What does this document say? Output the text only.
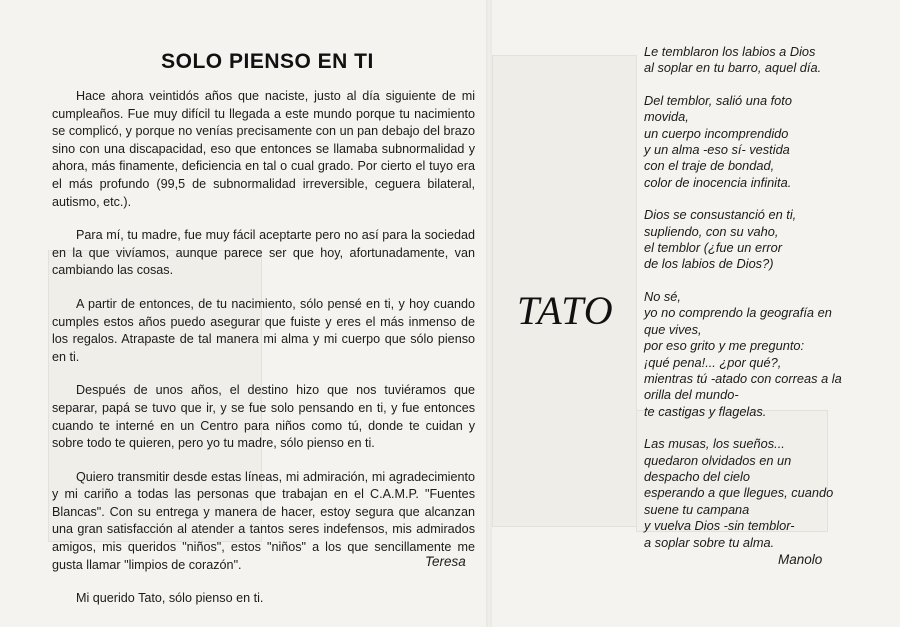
SOLO PIENSO EN TI

Hace ahora veintidós años que naciste, justo al día siguiente de mi cumpleaños. Fue muy difícil tu llegada a este mundo porque tu nacimiento se complicó, y porque no venías precisamente con un pan debajo del brazo sino con una discapacidad, eso que entonces se llamaba subnormalidad y ahora, más finamente, deficiencia en tal o cual grado. Por cierto el tuyo era el más profundo (99,5 de subnormalidad irreversible, ceguera bilateral, autismo, etc.).

Para mí, tu madre, fue muy fácil aceptarte pero no así para la sociedad en la que vivíamos, aunque parece ser que hoy, afortunadamente, van cambiando las cosas.

A partir de entonces, de tu nacimiento, sólo pensé en ti, y hoy cuando cumples estos años puedo asegurar que fuiste y eres el más inmenso de los regalos. Atrapaste de tal manera mi alma y mi cuerpo que sólo pienso en ti.

Después de unos años, el destino hizo que nos tuviéramos que separar, papá se tuvo que ir, y se fue solo pensando en ti, y fue entonces cuando te interné en un Centro para niños como tú, donde te cuidan y sobre todo te quieren, pero yo tu madre, sólo pienso en ti.

Quiero transmitir desde estas líneas, mi admiración, mi agradecimiento y mi cariño a todas las personas que trabajan en el C.A.M.P. "Fuentes Blancas". Con su entrega y manera de hacer, estoy segura que alcanzan una gran satisfacción al atender a tantos seres indefensos, mis admirados amigos, mis queridos "niños", estos "niños" a los que sencillamente me gusta llamar "limpios de corazón".

Mi querido Tato, sólo pienso en ti.

Teresa
TATO

Le temblaron los labios a Dios
al soplar en tu barro, aquel día.

Del temblor, salió una foto
movida,
un cuerpo incomprendido
y un alma -eso sí- vestida
con el traje de bondad,
color de inocencia infinita.

Dios se consustanció en ti,
supliendo, con su vaho,
el temblor (¿fue un error
de los labios de Dios?)

No sé,
yo no comprendo la geografía en
que vives,
por eso grito y me pregunto:
¡qué pena!... ¿por qué?,
mientras tú -atado con correas a la
orilla del mundo-
te castigas y flagelas.

Las musas, los sueños...
quedaron olvidados en un
despacho del cielo
esperando a que llegues, cuando
suene tu campana
y vuelva Dios -sin temblor-
a soplar sobre tu alma.

Manolo
